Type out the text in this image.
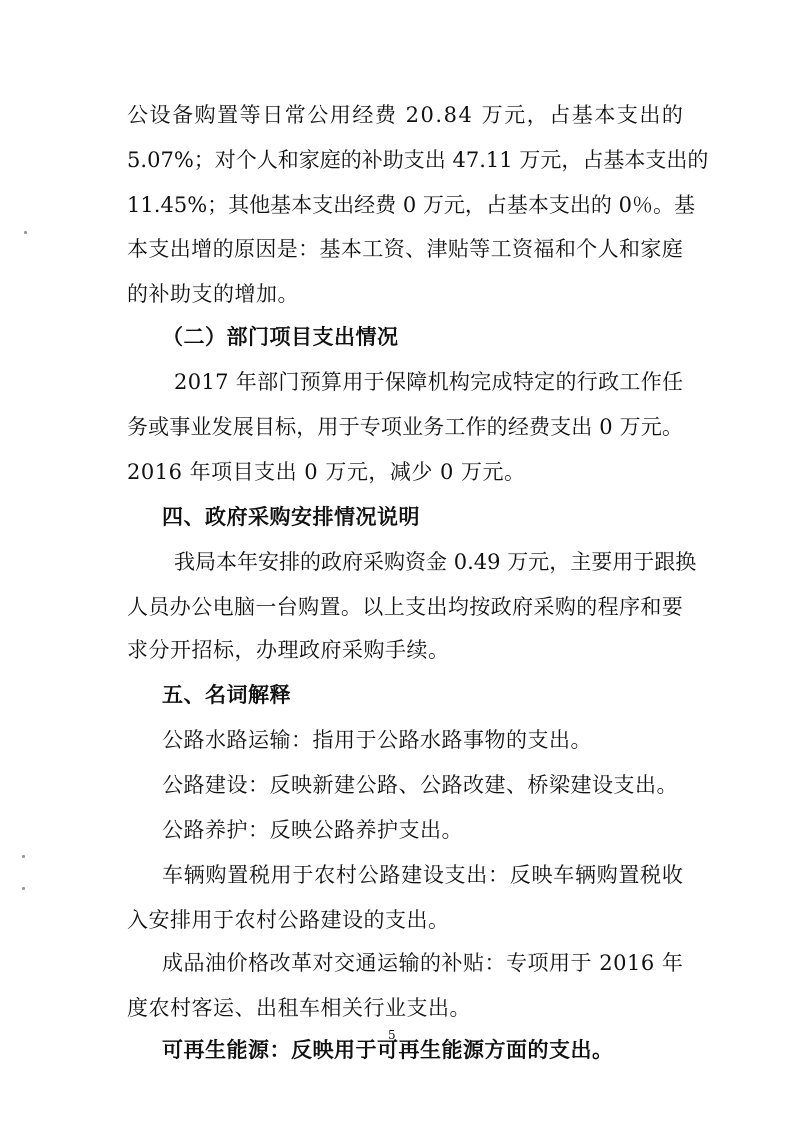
公 设 备 购 置 等 日 常 公 用 经 费
2 0 . 8 4
万 元 ， 占 基 本 支 出 的
5 . 0 7 % ； 对 个 人 和 家 庭 的 补 助 支 出
4 7 . 1 1
万 元 ， 占 基 本 支 出 的
1 1 . 4 5 % ； 其 他 基 本 支 出 经 费
0
万 元 ， 占 基 本 支 出 的
0 ％ 。 基
本 支 出 增 的 原 因 是 ： 基 本 工 资 、 津 贴 等 工 资 福 和 个 人 和 家 庭
的补助支的增加。
（二）部门项目支出情况
2 0 1 7
年 部 门 预 算 用 于 保 障 机 构 完 成 特 定 的 行 政 工 作 任
务 或 事 业 发 展 目 标 ， 用 于 专 项 业 务 工 作 的 经 费 支 出
0
万 元 。
2016 年项目支出 0 万元，减少 0 万元。
四、政府采购安排情况说明
我 局 本 年 安 排 的 政 府 采 购 资 金
0 . 4 9
万 元 ， 主 要 用 于 跟 换
人 员 办 公 电 脑 一 台 购 置 。 以 上 支 出 均 按 政 府 采 购 的 程 序 和 要
求分开招标，办理政府采购手续。
五、名词解释
公路水路运输：指用于公路水路事物的支出。
公路建设：反映新建公路、公路改建、桥梁建设支出。
公路养护：反映公路养护支出。
车 辆 购 置 税 用 于 农 村 公 路 建 设 支 出 ： 反 映 车 辆 购 置 税 收
入安排用于农村公路建设的支出。
成 品 油 价 格 改 革 对 交 通 运 输 的 补 贴 ： 专 项 用 于
2 0 1 6
年
度农村客运、出租车相关行业支出。
可再生能源：反映用于可再生能源方面的支出。
5
